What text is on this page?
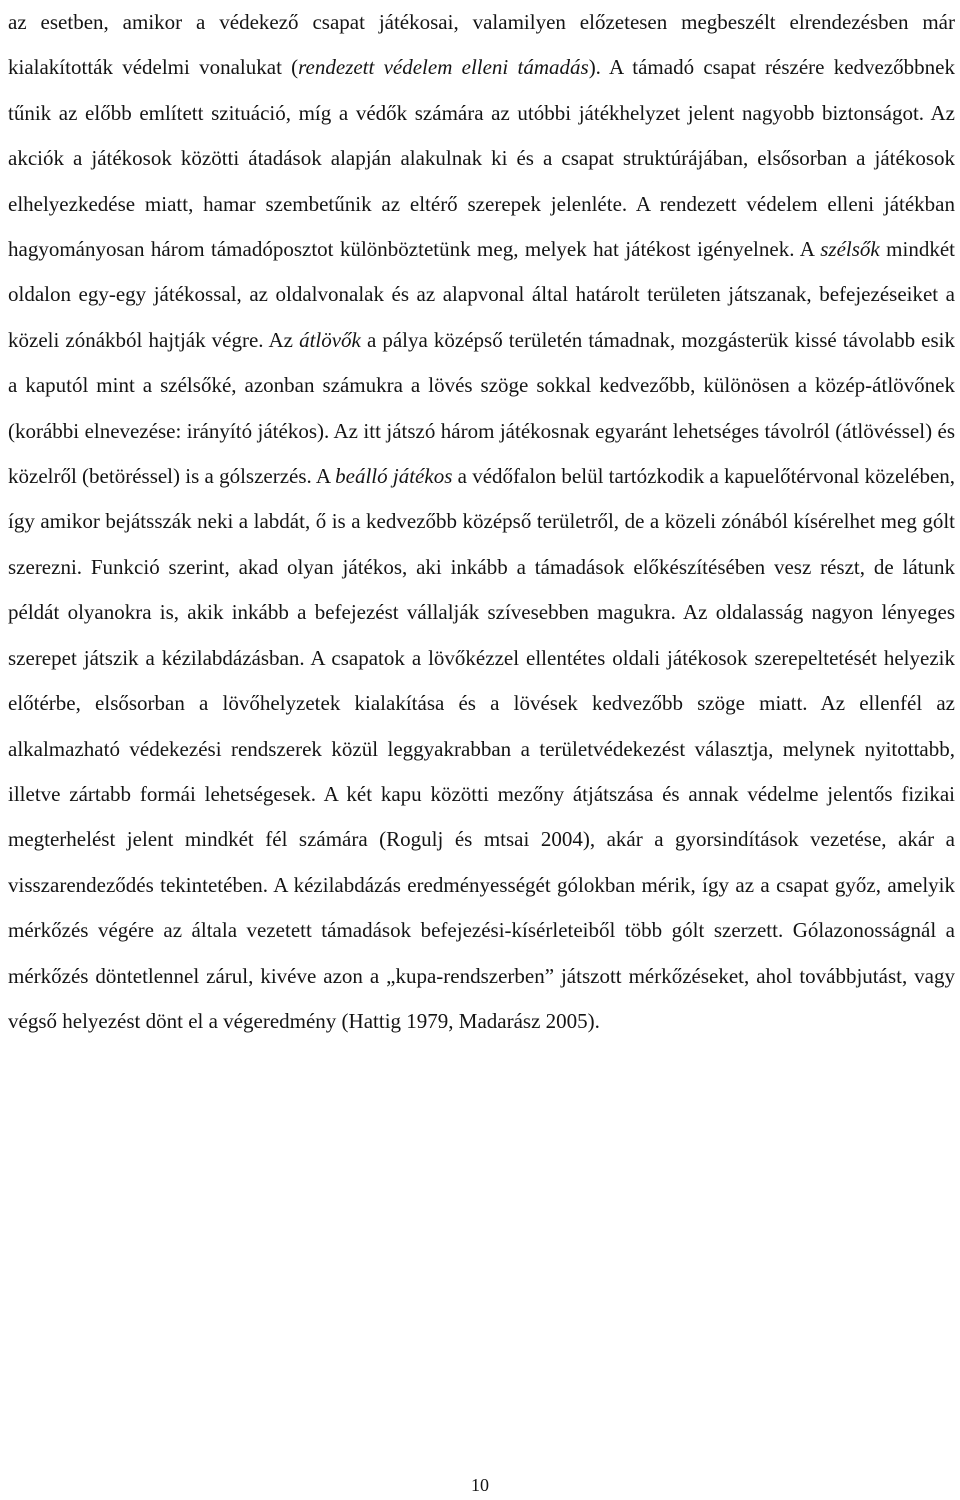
az esetben, amikor a védekező csapat játékosai, valamilyen előzetesen megbeszélt elrendezésben már kialakították védelmi vonalukat (rendezett védelem elleni támadás). A támadó csapat részére kedvezőbbnek tűnik az előbb említett szituáció, míg a védők számára az utóbbi játékhelyzet jelent nagyobb biztonságot. Az akciók a játékosok közötti átadások alapján alakulnak ki és a csapat struktúrájában, elsősorban a játékosok elhelyezkedése miatt, hamar szembetűnik az eltérő szerepek jelenléte. A rendezett védelem elleni játékban hagyományosan három támadóposztot különböztetünk meg, melyek hat játékost igényelnek. A szélsők mindkét oldalon egy-egy játékossal, az oldalvonalak és az alapvonal által határolt területen játszanak, befejezéseiket a közeli zónákból hajtják végre. Az átlövők a pálya középső területén támadnak, mozgásterük kissé távolabb esik a kaputól mint a szélsőké, azonban számukra a lövés szöge sokkal kedvezőbb, különösen a közép-átlövőnek (korábbi elnevezése: irányító játékos). Az itt játszó három játékosnak egyaránt lehetséges távolról (átlövéssel) és közelről (betöréssel) is a gólszerzés. A beálló játékos a védőfalon belül tartózkodik a kapuelőtérvonal közelében, így amikor bejátsszák neki a labdát, ő is a kedvezőbb középső területről, de a közeli zónából kísérelhet meg gólt szerezni. Funkció szerint, akad olyan játékos, aki inkább a támadások előkészítésében vesz részt, de látunk példát olyanokra is, akik inkább a befejezést vállalják szívesebben magukra. Az oldalasság nagyon lényeges szerepet játszik a kézilabdázásban. A csapatok a lövőkézzel ellentétes oldali játékosok szerepeltetését helyezik előtérbe, elsősorban a lövőhelyzetek kialakítása és a lövések kedvezőbb szöge miatt. Az ellenfél az alkalmazható védekezési rendszerek közül leggyakrabban a területvédekezést választja, melynek nyitottabb, illetve zártabb formái lehetségesek. A két kapu közötti mezőny átjátszása és annak védelme jelentős fizikai megterhelést jelent mindkét fél számára (Rogulj és mtsai 2004), akár a gyorsindítások vezetése, akár a visszarendeződés tekintetében. A kézilabdázás eredményességét gólokban mérik, így az a csapat győz, amelyik mérkőzés végére az általa vezetett támadások befejezési-kísérleteiből több gólt szerzett. Gólazonosságnál a mérkőzés döntetlennel zárul, kivéve azon a „kupa-rendszerben” játszott mérkőzéseket, ahol továbbjutást, vagy végső helyezést dönt el a végeredmény (Hattig 1979, Madarász 2005).

10
